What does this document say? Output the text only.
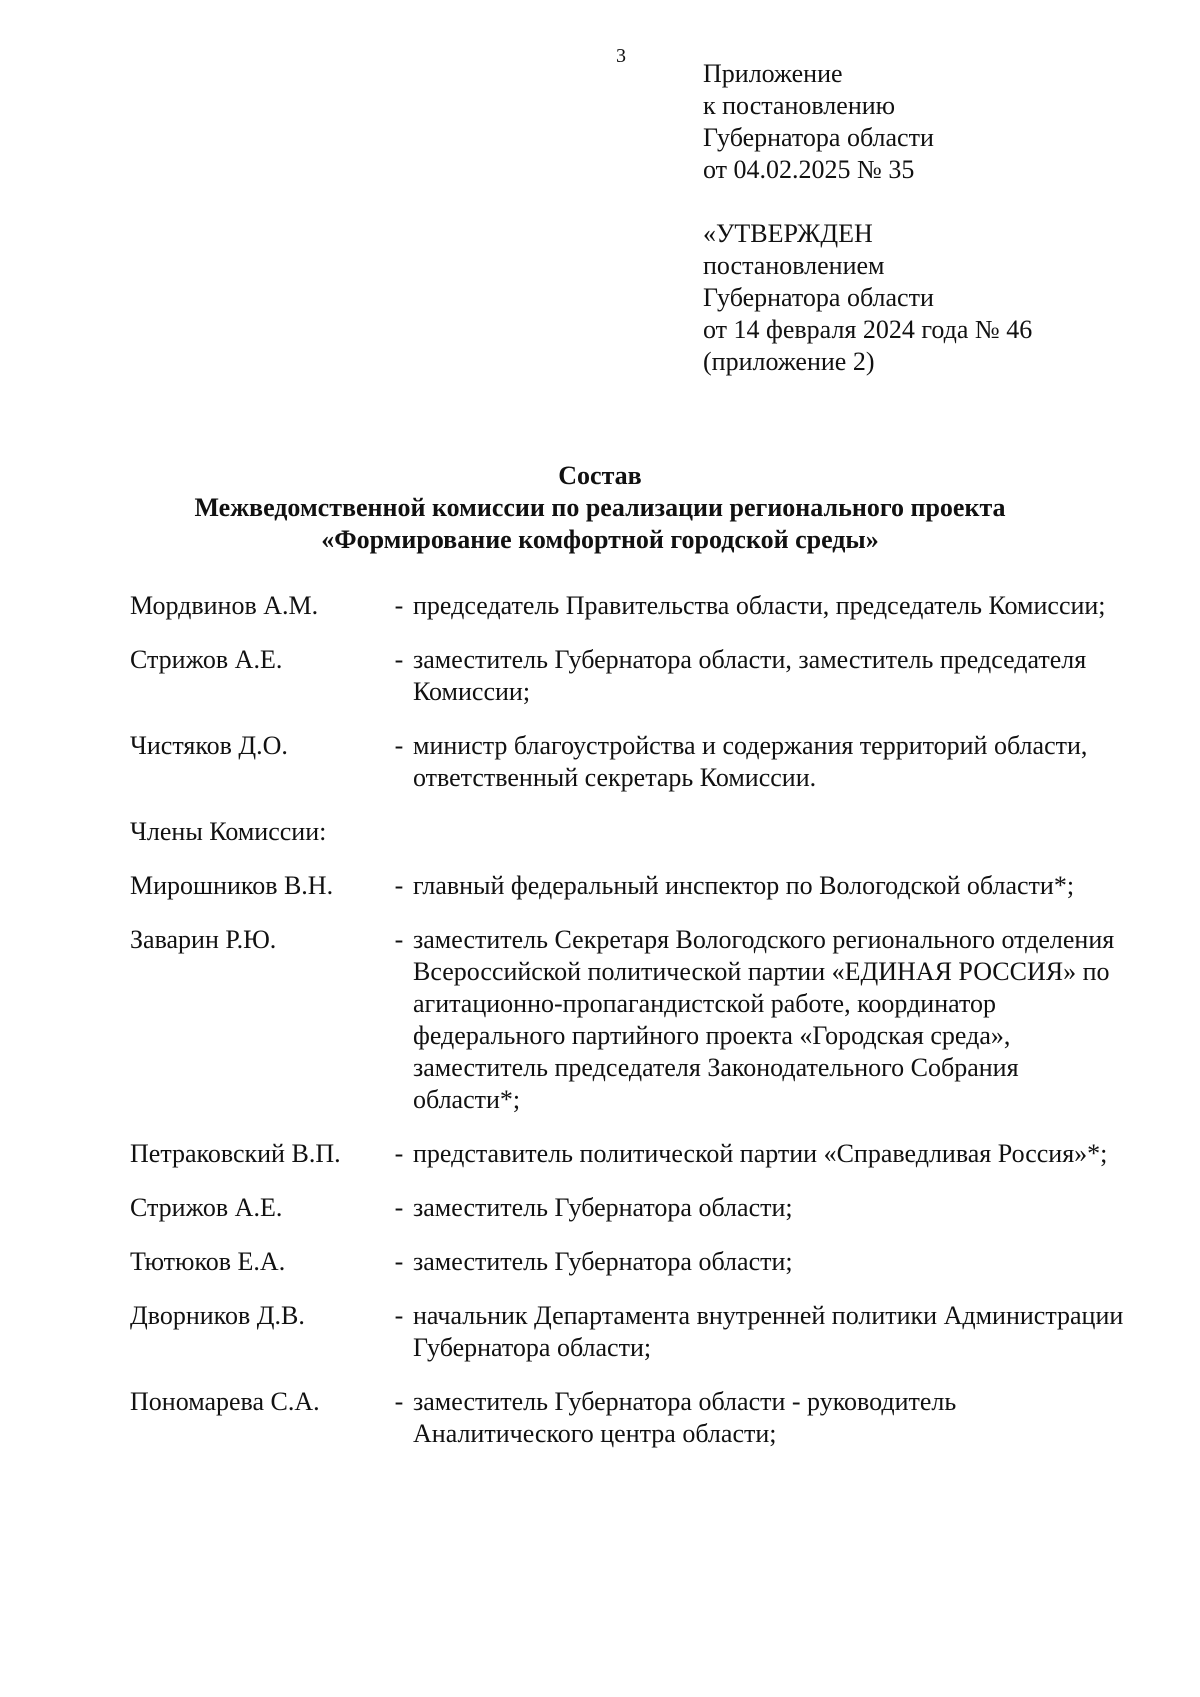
3
Приложение
к постановлению
Губернатора области
от 04.02.2025 № 35
«УТВЕРЖДЕН
постановлением
Губернатора области
от 14 февраля 2024 года № 46
(приложение 2)
Состав
Межведомственной комиссии по реализации регионального проекта
«Формирование комфортной городской среды»
Мордвинов А.М.	- председатель Правительства области, председатель Комиссии;
Стрижов А.Е.	- заместитель Губернатора области, заместитель председателя Комиссии;
Чистяков Д.О.	- министр благоустройства и содержания территорий области, ответственный секретарь Комиссии.
Члены Комиссии:
Мирошников В.Н.	- главный федеральный инспектор по Вологодской области*;
Заварин Р.Ю.	- заместитель Секретаря Вологодского регионального отделения Всероссийской политической партии «ЕДИНАЯ РОССИЯ» по агитационно-пропагандистской работе, координатор федерального партийного проекта «Городская среда», заместитель председателя Законодательного Собрания области*;
Петраковский В.П.	- представитель политической партии «Справедливая Россия»*;
Стрижов А.Е.	- заместитель Губернатора области;
Тютюков Е.А.	- заместитель Губернатора области;
Дворников Д.В.	- начальник Департамента внутренней политики Администрации Губернатора области;
Пономарева С.А.	- заместитель Губернатора области - руководитель Аналитического центра области;
